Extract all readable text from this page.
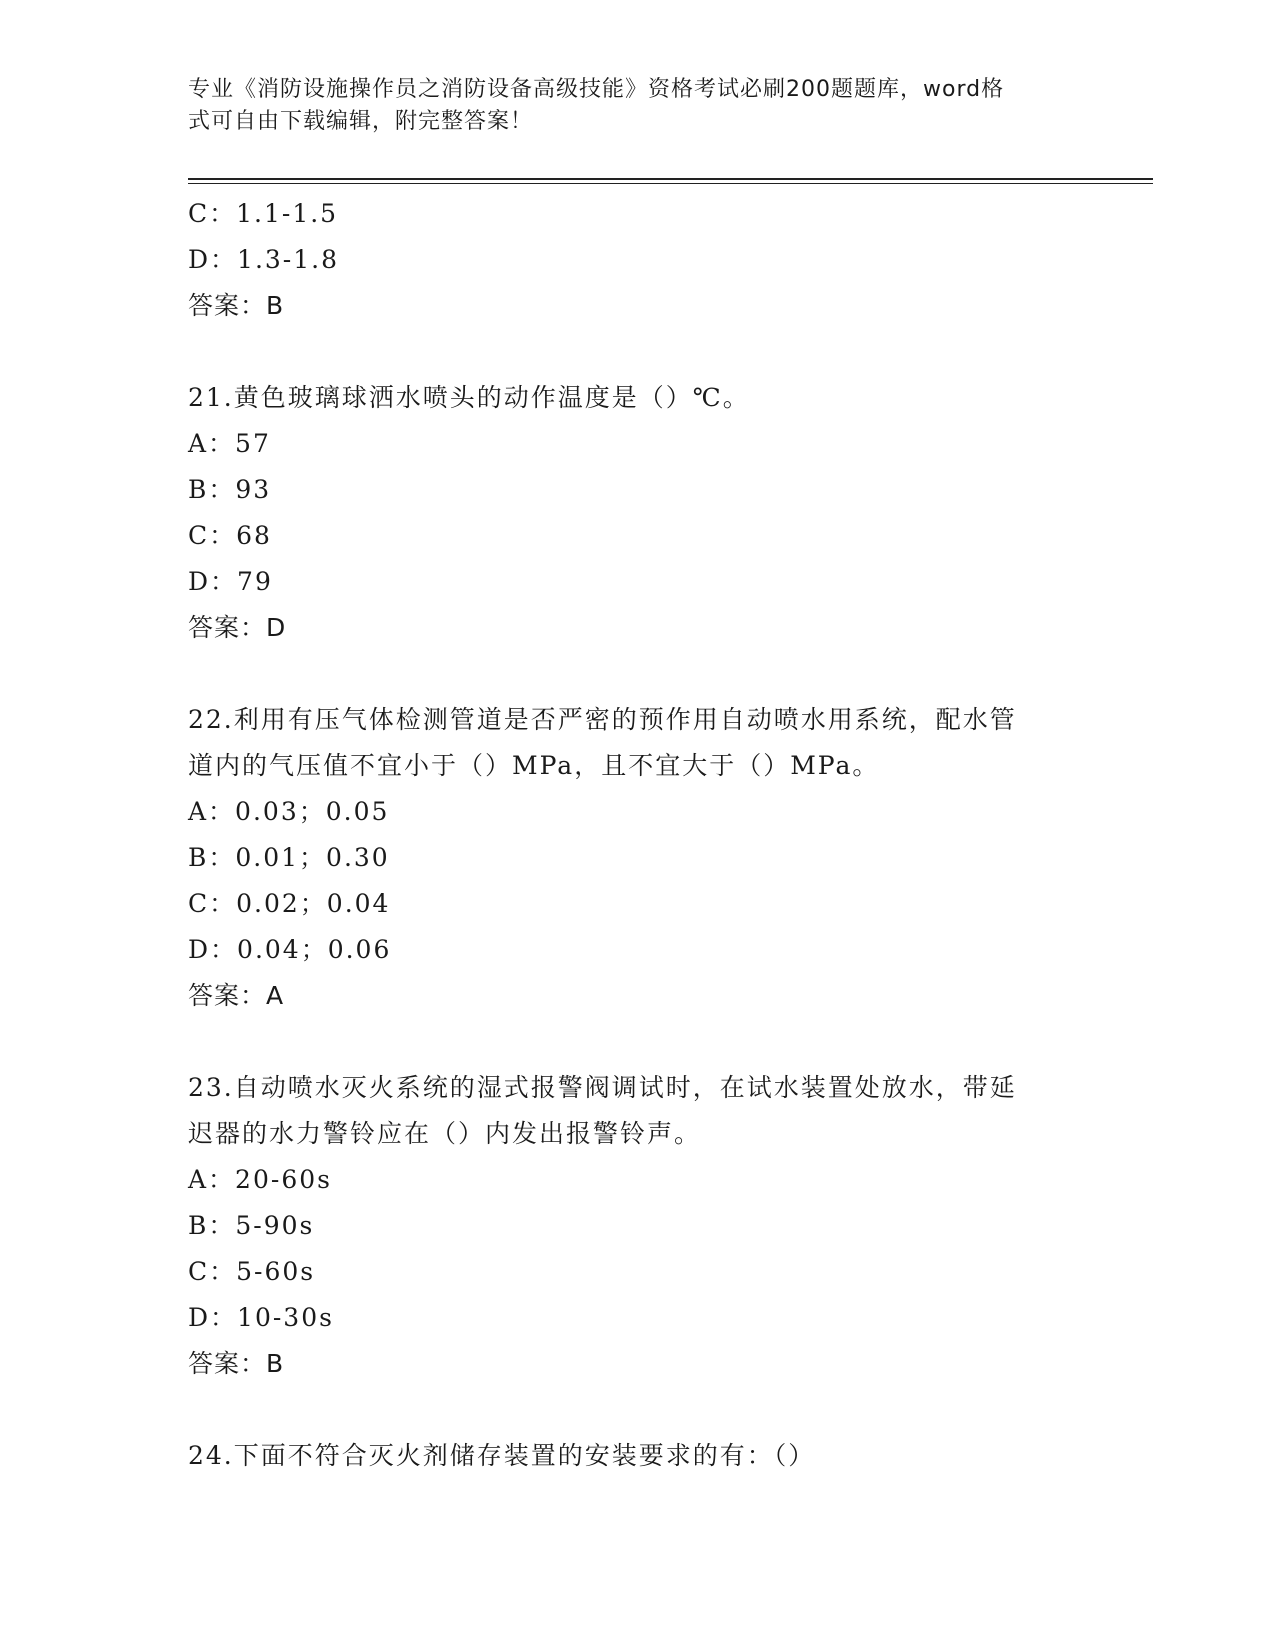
专业《消防设施操作员之消防设备高级技能》资格考试必刷200题题库，word格
式可自由下载编辑，附完整答案！
C：1.1-1.5
D：1.3-1.8
答案：B
21.黄色玻璃球洒水喷头的动作温度是（）℃。
A：57
B：93
C：68
D：79
答案：D
22.利用有压气体检测管道是否严密的预作用自动喷水用系统，配水管
道内的气压值不宜小于（）MPa，且不宜大于（）MPa。
A：0.03；0.05
B：0.01；0.30
C：0.02；0.04
D：0.04；0.06
答案：A
23.自动喷水灭火系统的湿式报警阀调试时，在试水装置处放水，带延
迟器的水力警铃应在（）内发出报警铃声。
A：20-60s
B：5-90s
C：5-60s
D：10-30s
答案：B
24.下面不符合灭火剂储存装置的安装要求的有：（）
